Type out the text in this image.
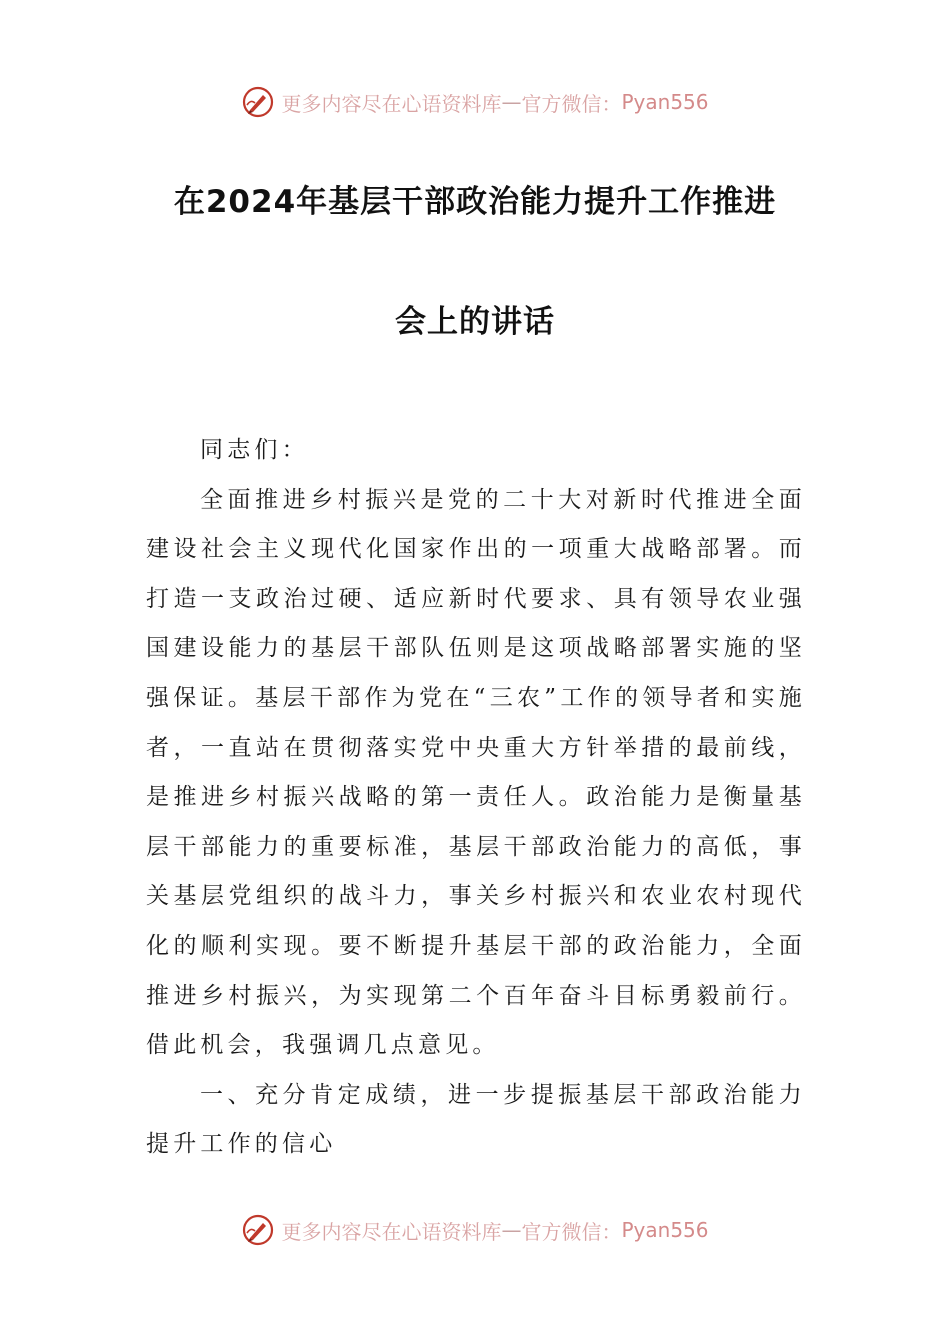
更多内容尽在心语资料库 — 官方微信： Pyan556
在2024年基层干部政治能力提升工作推进
会上的讲话

同志们：

全面推进乡村振兴是党的二十大对新时代推进全面建设社会主义现代化国家作出的一项重大战略部署。而打造一支政治过硬、适应新时代要求、具有领导农业强国建设能力的基层干部队伍则是这项战略部署实施的坚强保证。基层干部作为党在“三农”工作的领导者和实施者，一直站在贯彻落实党中央重大方针举措的最前线，是推进乡村振兴战略的第一责任人。政治能力是衡量基层干部能力的重要标准，基层干部政治能力的高低，事关基层党组织的战斗力，事关乡村振兴和农业农村现代化的顺利实现。要不断提升基层干部的政治能力，全面推进乡村振兴，为实现第二个百年奋斗目标勇毅前行。借此机会，我强调几点意见。

一、充分肯定成绩，进一步提振基层干部政治能力提升工作的信心

更多内容尽在心语资料库 — 官方微信： Pyan556
